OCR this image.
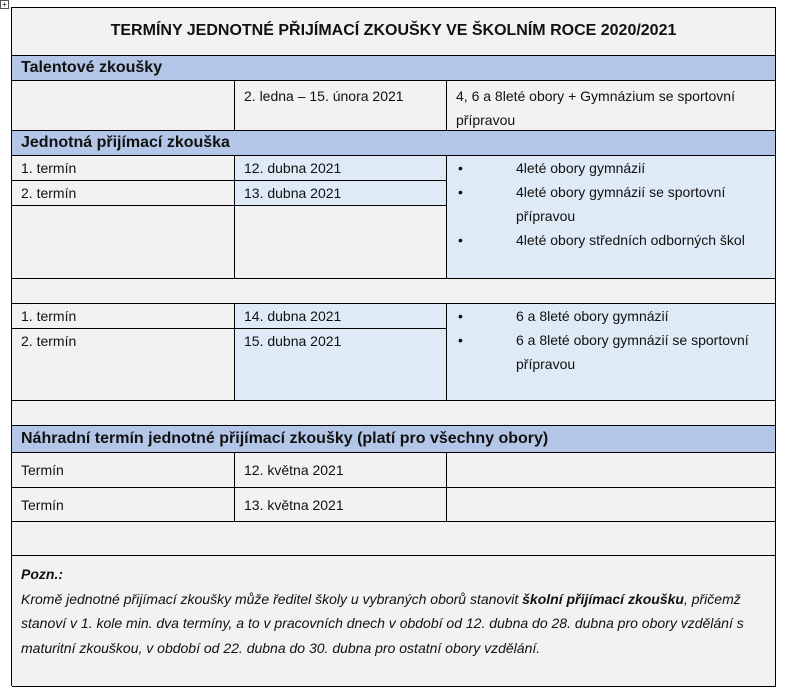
+
TERMÍNY JEDNOTNÉ PŘIJÍMACÍ ZKOUŠKY VE ŠKOLNÍM ROCE 2020/2021
Talentové zkoušky
2. ledna – 15. února 2021	4, 6 a 8leté obory + Gymnázium se sportovní přípravou
Jednotná přijímací zkouška
1. termín	12. dubna 2021
2. termín	13. dubna 2021
•	4leté obory gymnázií
•	4leté obory gymnázií se sportovní přípravou
•	4leté obory středních odborných škol
1. termín	14. dubna 2021
2. termín	15. dubna 2021
•	6 a 8leté obory gymnázií
•	6 a 8leté obory gymnázií se sportovní přípravou
Náhradní termín jednotné přijímací zkoušky (platí pro všechny obory)
Termín	12. května 2021
Termín	13. května 2021
Pozn.:
Kromě jednotné přijímací zkoušky může ředitel školy u vybraných oborů stanovit školní přijímací zkoušku, přičemž stanoví v 1. kole min. dva termíny, a to v pracovních dnech v období od 12. dubna do 28. dubna pro obory vzdělání s maturitní zkouškou, v období od 22. dubna do 30. dubna pro ostatní obory vzdělání.
